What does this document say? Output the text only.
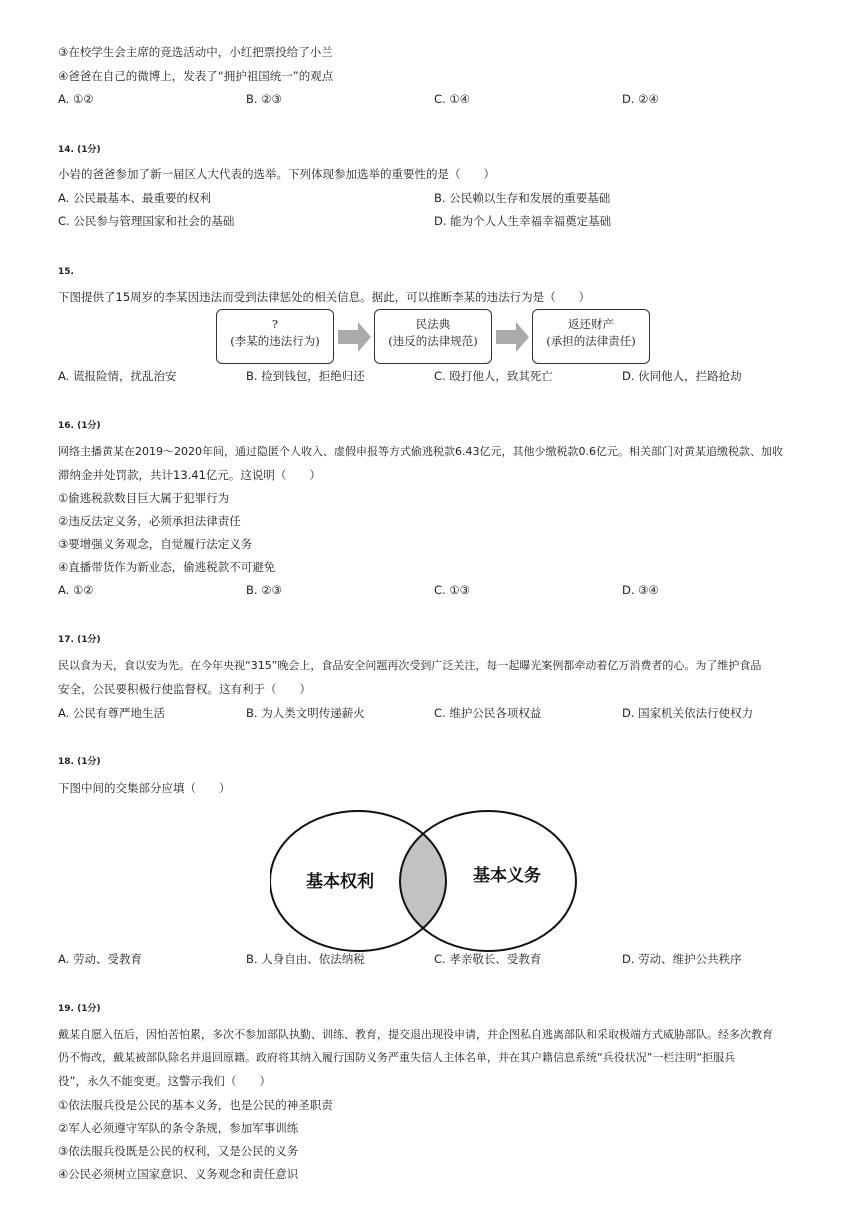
③在校学生会主席的竞选活动中，小红把票投给了小兰
④爸爸在自己的微博上，发表了“拥护祖国统一”的观点
A. ①②	B. ②③	C. ①④	D. ②④
14. (1分)
小岩的爸爸参加了新一届区人大代表的选举。下列体现参加选举的重要性的是（　　）
A. 公民最基本、最重要的权利	B. 公民赖以生存和发展的重要基础
C. 公民参与管理国家和社会的基础	D. 能为个人人生幸福幸福奠定基础
15.
下图提供了15周岁的李某因违法而受到法律惩处的相关信息。据此，可以推断李某的违法行为是（　　）
?
(李某的违法行为)
民法典
(违反的法律规范)
返还财产
(承担的法律责任)
A. 谎报险情，扰乱治安	B. 捡到钱包，拒绝归还	C. 殴打他人，致其死亡	D. 伙同他人，拦路抢劫
16. (1分)
网络主播黄某在2019～2020年间，通过隐匿个人收入、虚假申报等方式偷逃税款6.43亿元，其他少缴税款0.6亿元。相关部门对黄某追缴税款、加收
滞纳金并处罚款，共计13.41亿元。这说明（　　）
①偷逃税款数目巨大属于犯罪行为
②违反法定义务，必须承担法律责任
③要增强义务观念，自觉履行法定义务
④直播带货作为新业态，偷逃税款不可避免
A. ①②	B. ②③	C. ①③	D. ③④
17. (1分)
民以食为天，食以安为先。在今年央视“315”晚会上，食品安全问题再次受到广泛关注，每一起曝光案例都牵动着亿万消费者的心。为了维护食品
安全，公民要积极行使监督权。这有利于（　　）
A. 公民有尊严地生活	B. 为人类文明传递薪火	C. 维护公民各项权益	D. 国家机关依法行使权力
18. (1分)
下图中间的交集部分应填（　　）
基本权利	基本义务
A. 劳动、受教育	B. 人身自由、依法纳税	C. 孝亲敬长、受教育	D. 劳动、维护公共秩序
19. (1分)
戴某自愿入伍后，因怕苦怕累，多次不参加部队执勤、训练、教育，提交退出现役申请，并企图私自逃离部队和采取极端方式威胁部队。经多次教育
仍不悔改，戴某被部队除名并退回原籍。政府将其纳入履行国防义务严重失信人主体名单，并在其户籍信息系统“兵役状况”一栏注明“拒服兵
役”，永久不能变更。这警示我们（　　）
①依法服兵役是公民的基本义务，也是公民的神圣职责
②军人必须遵守军队的条令条规，参加军事训练
③依法服兵役既是公民的权利，又是公民的义务
④公民必须树立国家意识、义务观念和责任意识
